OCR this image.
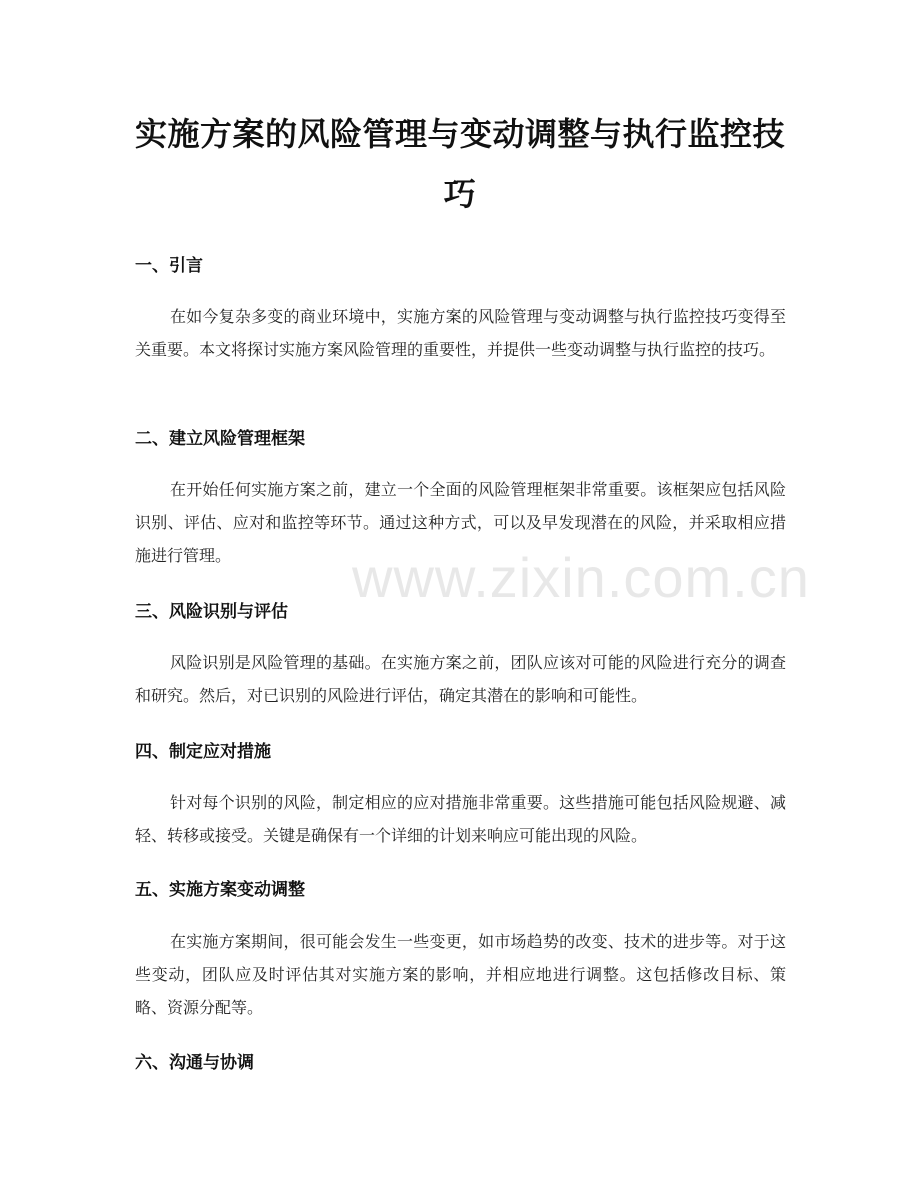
实施方案的风险管理与变动调整与执行监控技巧
一、引言

在如今复杂多变的商业环境中，实施方案的风险管理与变动调整与执行监控技巧变得至关重要。本文将探讨实施方案风险管理的重要性，并提供一些变动调整与执行监控的技巧。

二、建立风险管理框架

在开始任何实施方案之前，建立一个全面的风险管理框架非常重要。该框架应包括风险识别、评估、应对和监控等环节。通过这种方式，可以及早发现潜在的风险，并采取相应措施进行管理。

三、风险识别与评估

风险识别是风险管理的基础。在实施方案之前，团队应该对可能的风险进行充分的调查和研究。然后，对已识别的风险进行评估，确定其潜在的影响和可能性。

四、制定应对措施

针对每个识别的风险，制定相应的应对措施非常重要。这些措施可能包括风险规避、减轻、转移或接受。关键是确保有一个详细的计划来响应可能出现的风险。

五、实施方案变动调整

在实施方案期间，很可能会发生一些变更，如市场趋势的改变、技术的进步等。对于这些变动，团队应及时评估其对实施方案的影响，并相应地进行调整。这包括修改目标、策略、资源分配等。

六、沟通与协调
www.zixin.com.cn
